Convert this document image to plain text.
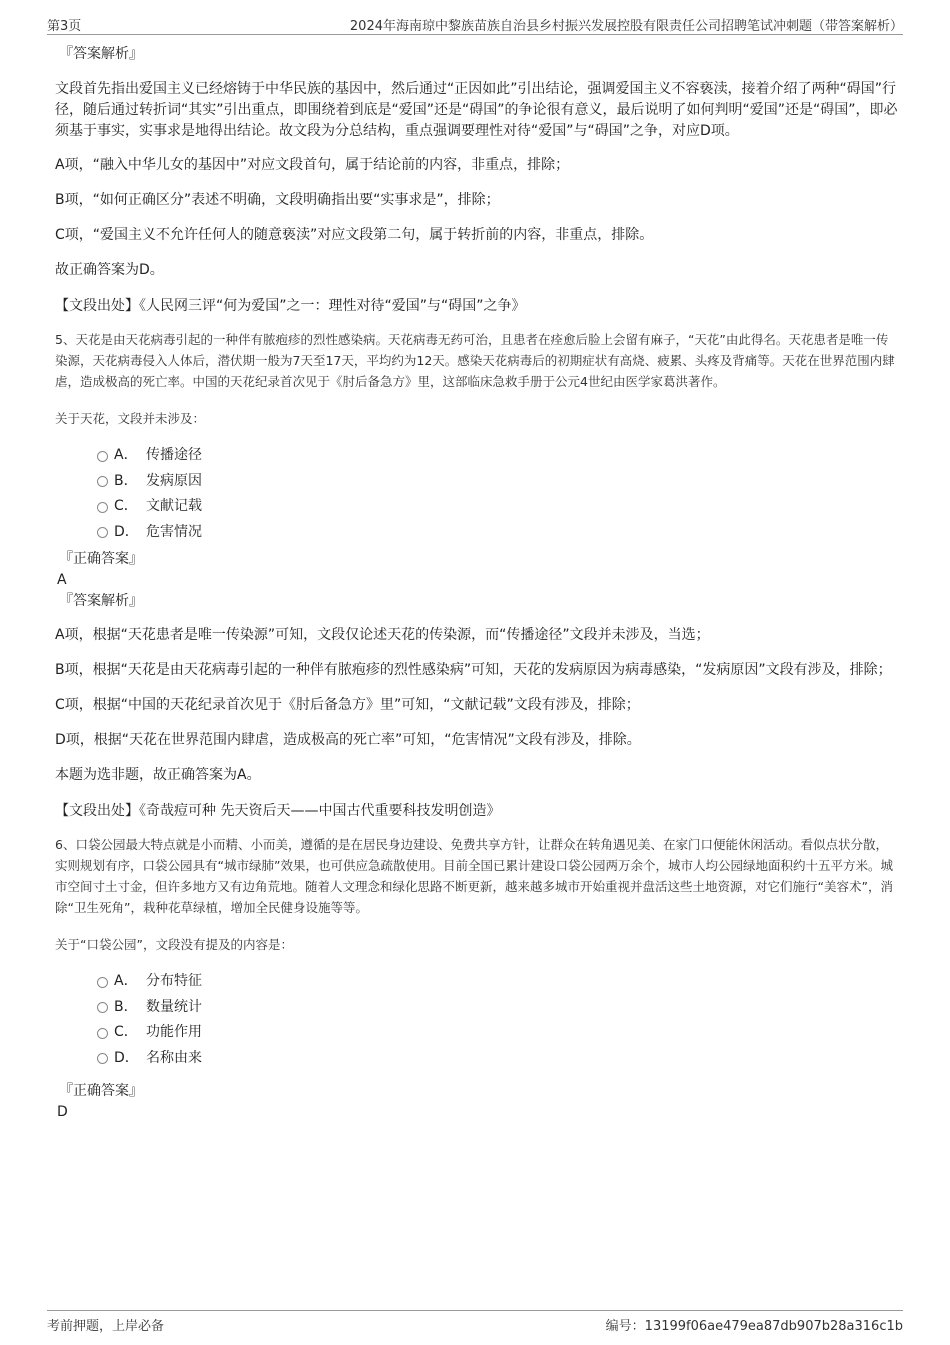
第3页	2024年海南琼中黎族苗族自治县乡村振兴发展控股有限责任公司招聘笔试冲刺题（带答案解析）

『答案解析』

文段首先指出爱国主义已经熔铸于中华民族的基因中，然后通过“正因如此”引出结论，强调爱国主义不容亵渎，接着介绍了两种“碍国”行径，随后通过转折词“其实”引出重点，即围绕着到底是“爱国”还是“碍国”的争论很有意义，最后说明了如何判明“爱国”还是“碍国”，即必须基于事实，实事求是地得出结论。故文段为分总结构，重点强调要理性对待“爱国”与“碍国”之争，对应D项。

A项，“融入中华儿女的基因中”对应文段首句，属于结论前的内容，非重点，排除；

B项，“如何正确区分”表述不明确，文段明确指出要“实事求是”，排除；

C项，“爱国主义不允许任何人的随意亵渎”对应文段第二句，属于转折前的内容，非重点，排除。

故正确答案为D。

【文段出处】《人民网三评“何为爱国”之一：理性对待“爱国”与“碍国”之争》

5、天花是由天花病毒引起的一种伴有脓疱疹的烈性感染病。天花病毒无药可治，且患者在痊愈后脸上会留有麻子，“天花”由此得名。天花患者是唯一传染源，天花病毒侵入人体后，潜伏期一般为7天至17天，平均约为12天。感染天花病毒后的初期症状有高烧、疲累、头疼及背痛等。天花在世界范围内肆虐，造成极高的死亡率。中国的天花纪录首次见于《肘后备急方》里，这部临床急救手册于公元4世纪由医学家葛洪著作。

关于天花，文段并未涉及：

A． 传播途径
B． 发病原因
C． 文献记载
D． 危害情况

『正确答案』

A

『答案解析』

A项，根据“天花患者是唯一传染源”可知，文段仅论述天花的传染源，而“传播途径”文段并未涉及，当选；

B项，根据“天花是由天花病毒引起的一种伴有脓疱疹的烈性感染病”可知，天花的发病原因为病毒感染，“发病原因”文段有涉及，排除；

C项，根据“中国的天花纪录首次见于《肘后备急方》里”可知，“文献记载”文段有涉及，排除；

D项，根据“天花在世界范围内肆虐，造成极高的死亡率”可知，“危害情况”文段有涉及，排除。

本题为选非题，故正确答案为A。

【文段出处】《奇哉痘可种 先天资后天——中国古代重要科技发明创造》

6、口袋公园最大特点就是小而精、小而美，遵循的是在居民身边建设、免费共享方针，让群众在转角遇见美、在家门口便能休闲活动。看似点状分散，实则规划有序，口袋公园具有“城市绿肺”效果，也可供应急疏散使用。目前全国已累计建设口袋公园两万余个，城市人均公园绿地面积约十五平方米。城市空间寸土寸金，但许多地方又有边角荒地。随着人文理念和绿化思路不断更新，越来越多城市开始重视并盘活这些土地资源，对它们施行“美容术”，消除“卫生死角”，栽种花草绿植，增加全民健身设施等等。

关于“口袋公园”，文段没有提及的内容是：

A． 分布特征
B． 数量统计
C． 功能作用
D． 名称由来

『正确答案』

D

考前押题，上岸必备	编号：13199f06ae479ea87db907b28a316c1b
